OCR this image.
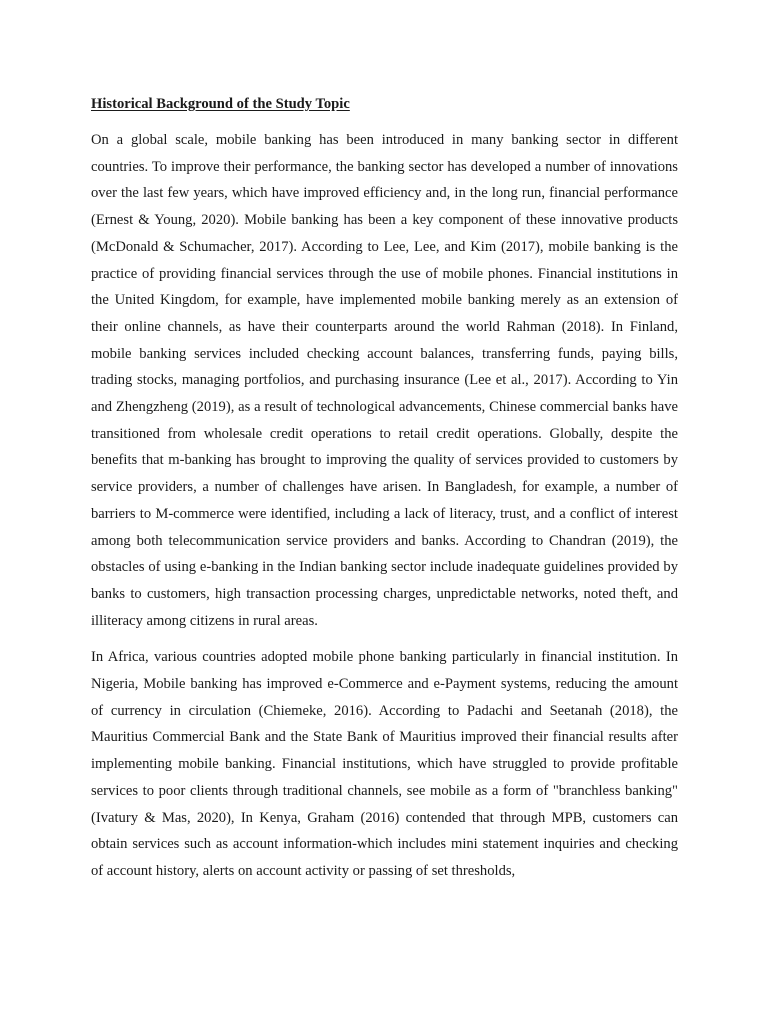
Historical Background of the Study Topic

On a global scale, mobile banking has been introduced in many banking sector in different countries. To improve their performance, the banking sector has developed a number of innovations over the last few years, which have improved efficiency and, in the long run, financial performance (Ernest & Young, 2020). Mobile banking has been a key component of these innovative products (McDonald & Schumacher, 2017). According to Lee, Lee, and Kim (2017), mobile banking is the practice of providing financial services through the use of mobile phones. Financial institutions in the United Kingdom, for example, have implemented mobile banking merely as an extension of their online channels, as have their counterparts around the world Rahman (2018). In Finland, mobile banking services included checking account balances, transferring funds, paying bills, trading stocks, managing portfolios, and purchasing insurance (Lee et al., 2017). According to Yin and Zhengzheng (2019), as a result of technological advancements, Chinese commercial banks have transitioned from wholesale credit operations to retail credit operations. Globally, despite the benefits that m-banking has brought to improving the quality of services provided to customers by service providers, a number of challenges have arisen. In Bangladesh, for example, a number of barriers to M-commerce were identified, including a lack of literacy, trust, and a conflict of interest among both telecommunication service providers and banks. According to Chandran (2019), the obstacles of using e-banking in the Indian banking sector include inadequate guidelines provided by banks to customers, high transaction processing charges, unpredictable networks, noted theft, and illiteracy among citizens in rural areas.

In Africa, various countries adopted mobile phone banking particularly in financial institution. In Nigeria, Mobile banking has improved e-Commerce and e-Payment systems, reducing the amount of currency in circulation (Chiemeke, 2016). According to Padachi and Seetanah (2018), the Mauritius Commercial Bank and the State Bank of Mauritius improved their financial results after implementing mobile banking. Financial institutions, which have struggled to provide profitable services to poor clients through traditional channels, see mobile as a form of "branchless banking" (Ivatury & Mas, 2020), In Kenya, Graham (2016) contended that through MPB, customers can obtain services such as account information-which includes mini statement inquiries and checking of account history, alerts on account activity or passing of set thresholds,
